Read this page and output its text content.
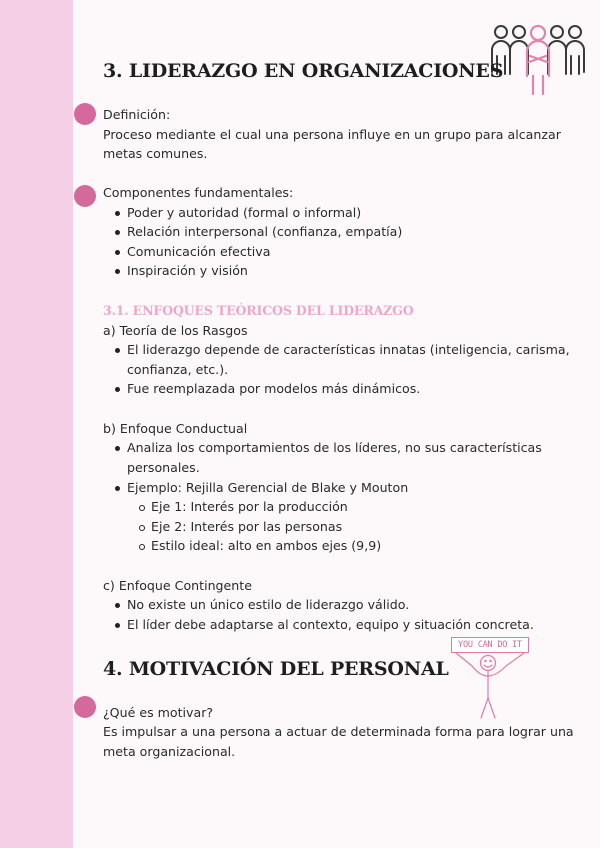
3. LIDERAZGO EN ORGANIZACIONES
Definición:
Proceso mediante el cual una persona influye en un grupo para alcanzar
metas comunes.
Componentes fundamentales:
Poder y autoridad (formal o informal)
Relación interpersonal (confianza, empatía)
Comunicación efectiva
Inspiración y visión
3.1. ENFOQUES TEÓRICOS DEL LIDERAZGO
a) Teoría de los Rasgos
El liderazgo depende de características innatas (inteligencia, carisma,
confianza, etc.).
Fue reemplazada por modelos más dinámicos.
b) Enfoque Conductual
Analiza los comportamientos de los líderes, no sus características
personales.
Ejemplo: Rejilla Gerencial de Blake y Mouton
Eje 1: Interés por la producción
Eje 2: Interés por las personas
Estilo ideal: alto en ambos ejes (9,9)
c) Enfoque Contingente
No existe un único estilo de liderazgo válido.
El líder debe adaptarse al contexto, equipo y situación concreta.
4. MOTIVACIÓN DEL PERSONAL
YOU CAN DO IT
¿Qué es motivar?
Es impulsar a una persona a actuar de determinada forma para lograr una
meta organizacional.
